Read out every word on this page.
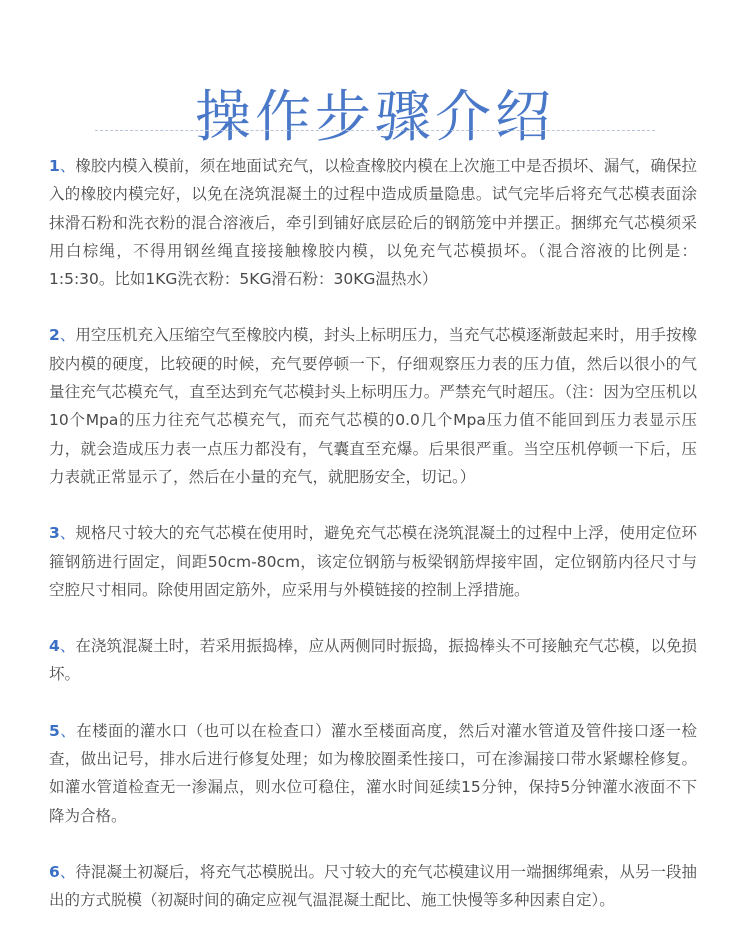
操作步骤介绍

1、橡胶内模入模前，须在地面试充气，以检查橡胶内模在上次施工中是否损坏、漏气，确保拉入的橡胶内模完好，以免在浇筑混凝土的过程中造成质量隐患。试气完毕后将充气芯模表面涂抹滑石粉和洗衣粉的混合溶液后，牵引到铺好底层砼后的钢筋笼中并摆正。捆绑充气芯模须采用白棕绳，不得用钢丝绳直接接触橡胶内模，以免充气芯模损坏。（混合溶液的比例是：1:5:30。比如1KG洗衣粉：5KG滑石粉：30KG温热水）

2、用空压机充入压缩空气至橡胶内模，封头上标明压力，当充气芯模逐渐鼓起来时，用手按橡胶内模的硬度，比较硬的时候，充气要停顿一下，仔细观察压力表的压力值，然后以很小的气量往充气芯模充气，直至达到充气芯模封头上标明压力。严禁充气时超压。（注：因为空压机以10个Mpa的压力往充气芯模充气，而充气芯模的0.0几个Mpa压力值不能回到压力表显示压力，就会造成压力表一点压力都没有，气囊直至充爆。后果很严重。当空压机停顿一下后，压力表就正常显示了，然后在小量的充气，就肥肠安全，切记。）

3、规格尺寸较大的充气芯模在使用时，避免充气芯模在浇筑混凝土的过程中上浮，使用定位环箍钢筋进行固定，间距50cm-80cm，该定位钢筋与板梁钢筋焊接牢固，定位钢筋内径尺寸与空腔尺寸相同。除使用固定筋外，应采用与外模链接的控制上浮措施。

4、在浇筑混凝土时，若采用振捣棒，应从两侧同时振捣，振捣棒头不可接触充气芯模，以免损坏。

5、在楼面的灌水口（也可以在检查口）灌水至楼面高度，然后对灌水管道及管件接口逐一检查，做出记号，排水后进行修复处理；如为橡胶圈柔性接口，可在渗漏接口带水紧螺栓修复。如灌水管道检查无一渗漏点，则水位可稳住，灌水时间延续15分钟，保持5分钟灌水液面不下降为合格。

6、待混凝土初凝后，将充气芯模脱出。尺寸较大的充气芯模建议用一端捆绑绳索，从另一段抽出的方式脱模（初凝时间的确定应视气温混凝土配比、施工快慢等多种因素自定）。
